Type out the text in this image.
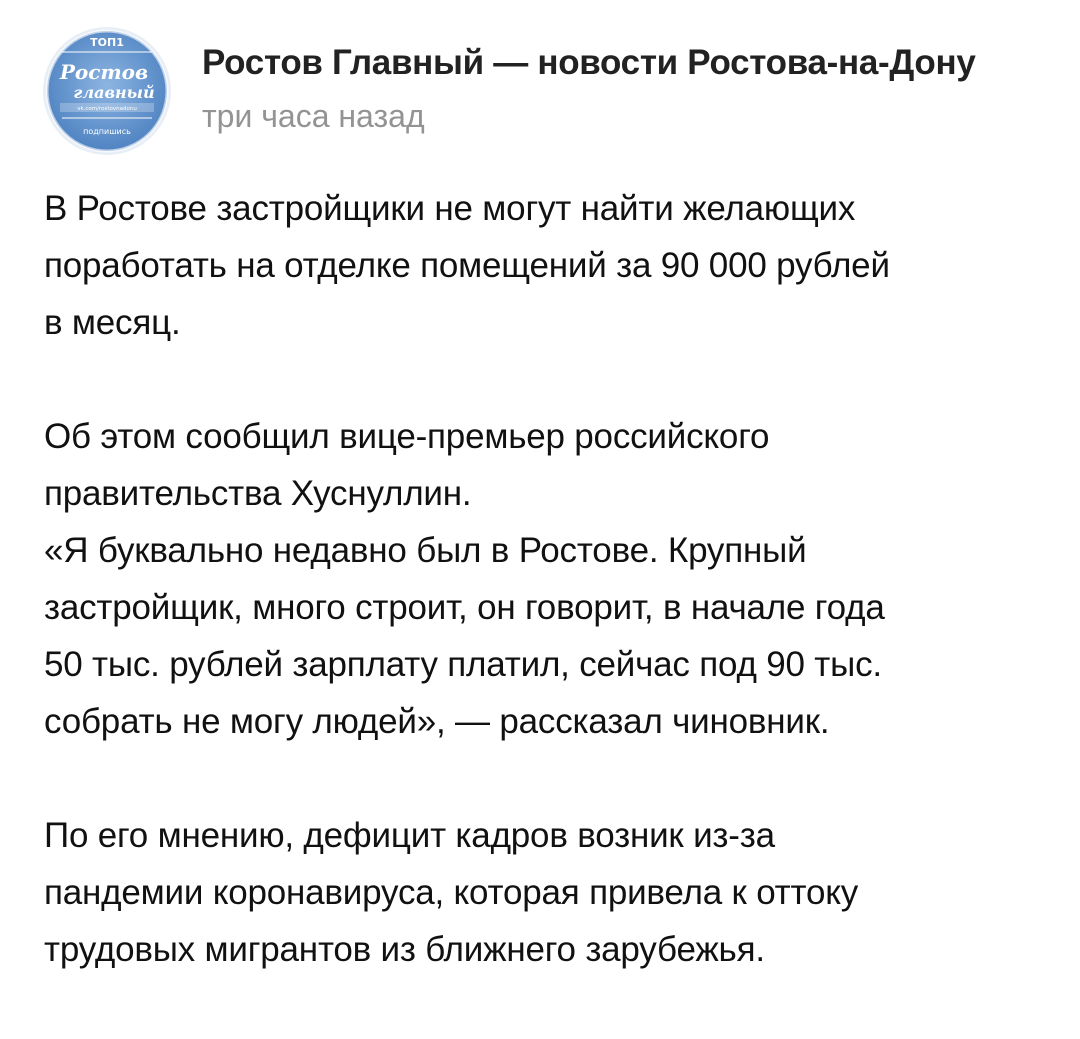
ТОП1
Ростов
главный
vk.com/rostovnadonu
подпишись
Ростов Главный — новости Ростова-на-Дону
три часа назад
В Ростове застройщики не могут найти желающих
поработать на отделке помещений за 90 000 рублей
в месяц.
Об этом сообщил вице-премьер российского
правительства Хуснуллин.
«Я буквально недавно был в Ростове. Крупный
застройщик, много строит, он говорит, в начале года
50 тыс. рублей зарплату платил, сейчас под 90 тыс.
собрать не могу людей», — рассказал чиновник.
По его мнению, дефицит кадров возник из-за
пандемии коронавируса, которая привела к оттоку
трудовых мигрантов из ближнего зарубежья.
